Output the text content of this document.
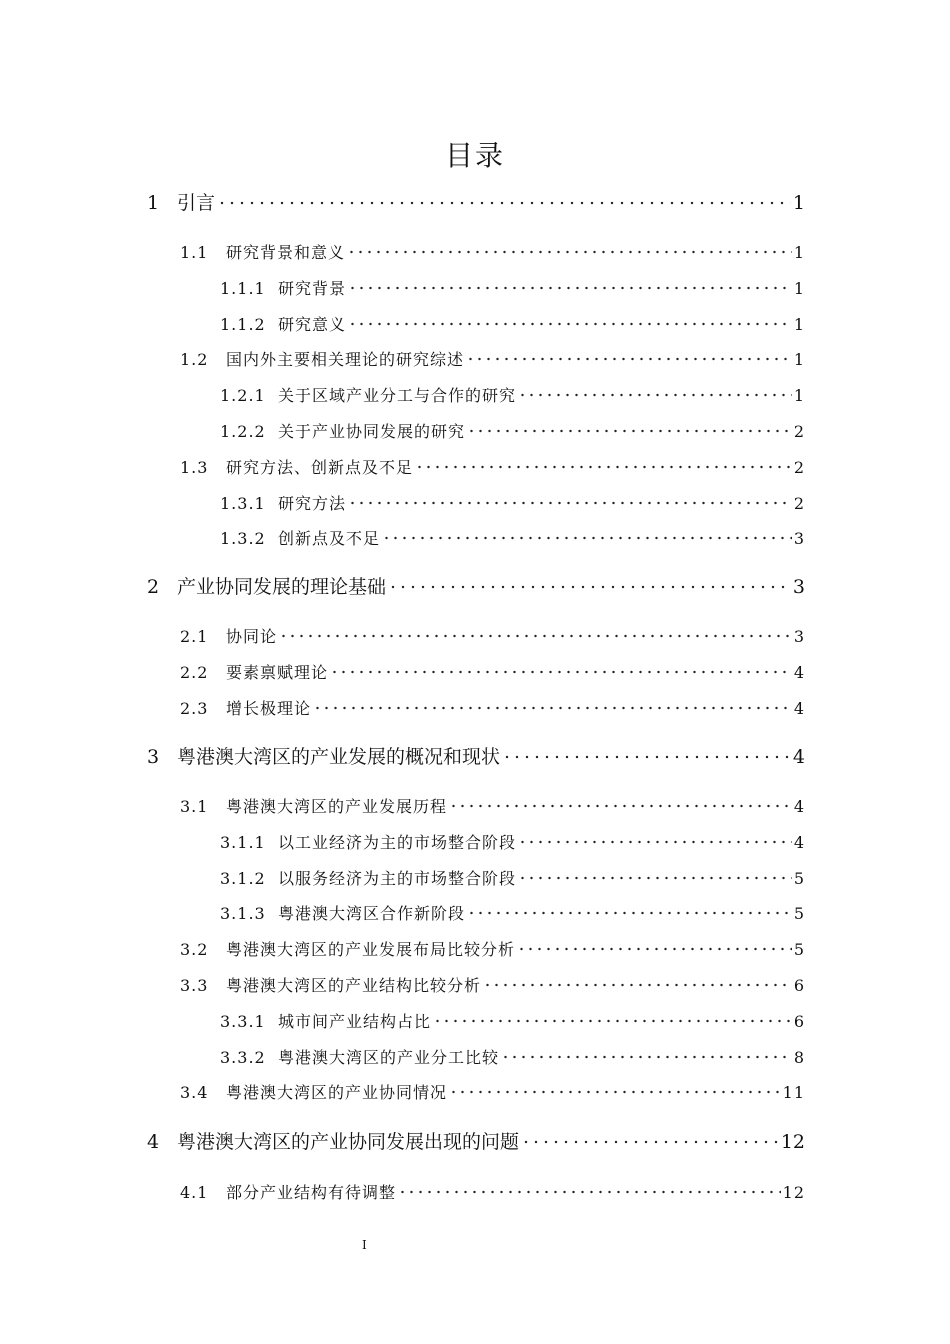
目录
1 引言	1
1.1	研究背景和意义	1
1.1.1 研究背景	1
1.1.2 研究意义	1
1.2	国内外主要相关理论的研究综述	1
1.2.1 关于区域产业分工与合作的研究	1
1.2.2 关于产业协同发展的研究	2
1.3	研究方法、创新点及不足	2
1.3.1 研究方法	2
1.3.2 创新点及不足	3
2 产业协同发展的理论基础	3
2.1	协同论	3
2.2	要素禀赋理论	4
2.3	增长极理论	4
3 粤港澳大湾区的产业发展的概况和现状	4
3.1	粤港澳大湾区的产业发展历程	4
3.1.1 以工业经济为主的市场整合阶段	4
3.1.2 以服务经济为主的市场整合阶段	5
3.1.3 粤港澳大湾区合作新阶段	5
3.2	粤港澳大湾区的产业发展布局比较分析	5
3.3	粤港澳大湾区的产业结构比较分析	6
3.3.1 城市间产业结构占比	6
3.3.2 粤港澳大湾区的产业分工比较	8
3.4	粤港澳大湾区的产业协同情况	11
4 粤港澳大湾区的产业协同发展出现的问题	12
4.1	部分产业结构有待调整	12
I
